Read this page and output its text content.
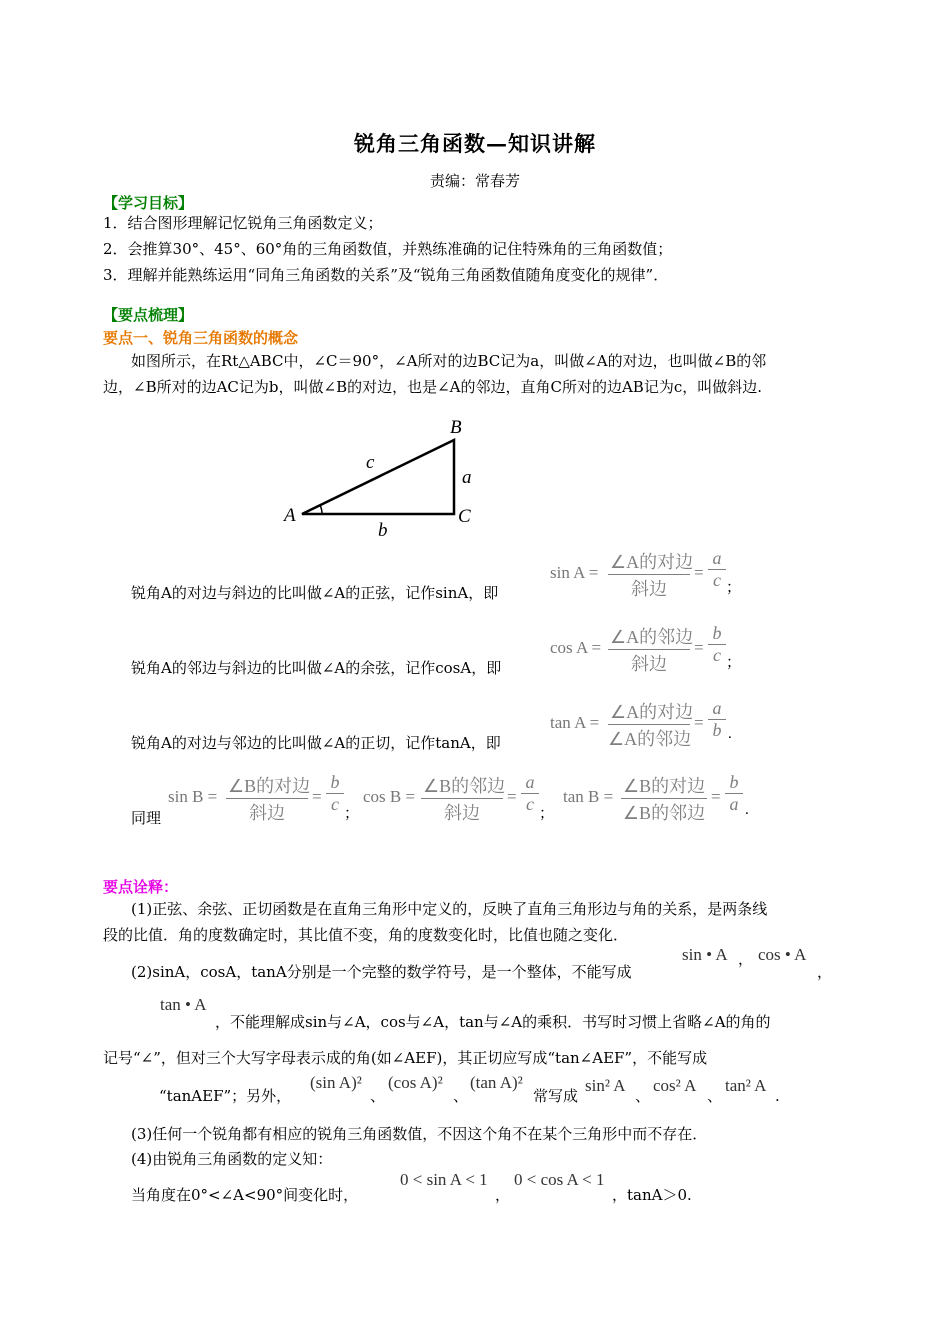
锐角三角函数—知识讲解
责编：常春芳
【学习目标】
1．结合图形理解记忆锐角三角函数定义；
2．会推算30°、45°、60°角的三角函数值，并熟练准确的记住特殊角的三角函数值；
3．理解并能熟练运用“同角三角函数的关系”及“锐角三角函数值随角度变化的规律”．
【要点梳理】
要点一、锐角三角函数的概念
如图所示，在Rt△ABC中，∠C＝90°，∠A所对的边BC记为a，叫做∠A的对边，也叫做∠B的邻
边，∠B所对的边AC记为b，叫做∠B的对边，也是∠A的邻边，直角C所对的边AB记为c，叫做斜边.
A
B
C
a
b
c
锐角A的对边与斜边的比叫做∠A的正弦，记作sinA，即
sin A =
∠A的对边
斜边
= $\frac{a}{c}$ ；
锐角A的邻边与斜边的比叫做∠A的余弦，记作cosA，即
cos A =
∠A的邻边
斜边
= $\frac{b}{c}$ ；
锐角A的对边与邻边的比叫做∠A的正切，记作tanA，即
tan A =
∠A的对边
∠A的邻边
= $\frac{a}{b}$ .
同理
sin B =
∠B的对边
斜边
= $\frac{b}{c}$ ；
cos B =
∠B的邻边
斜边
= $\frac{a}{c}$ ；
tan B =
∠B的对边
∠B的邻边
= $\frac{b}{a}$ .
要点诠释：
(1)正弦、余弦、正切函数是在直角三角形中定义的，反映了直角三角形边与角的关系，是两条线
段的比值．角的度数确定时，其比值不变，角的度数变化时，比值也随之变化．
(2)sinA，cosA，tanA分别是一个完整的数学符号，是一个整体，不能写成
sin • A ， cos • A
，
tan • A
，不能理解成sin与∠A，cos与∠A，tan与∠A的乘积．书写时习惯上省略∠A的角的
记号“∠”，但对三个大写字母表示成的角(如∠AEF)，其正切应写成“tan∠AEF”，不能写成
“tanAEF”；另外，
(sin A)²
、
(cos A)²
、
(tan A)²
常写成
sin² A
、
cos² A
、
tan² A
.
(3)任何一个锐角都有相应的锐角三角函数值，不因这个角不在某个三角形中而不存在．
(4)由锐角三角函数的定义知：
当角度在0°<∠A<90°间变化时，
0 < sin A < 1
，
0 < cos A < 1
，tanA＞0.
